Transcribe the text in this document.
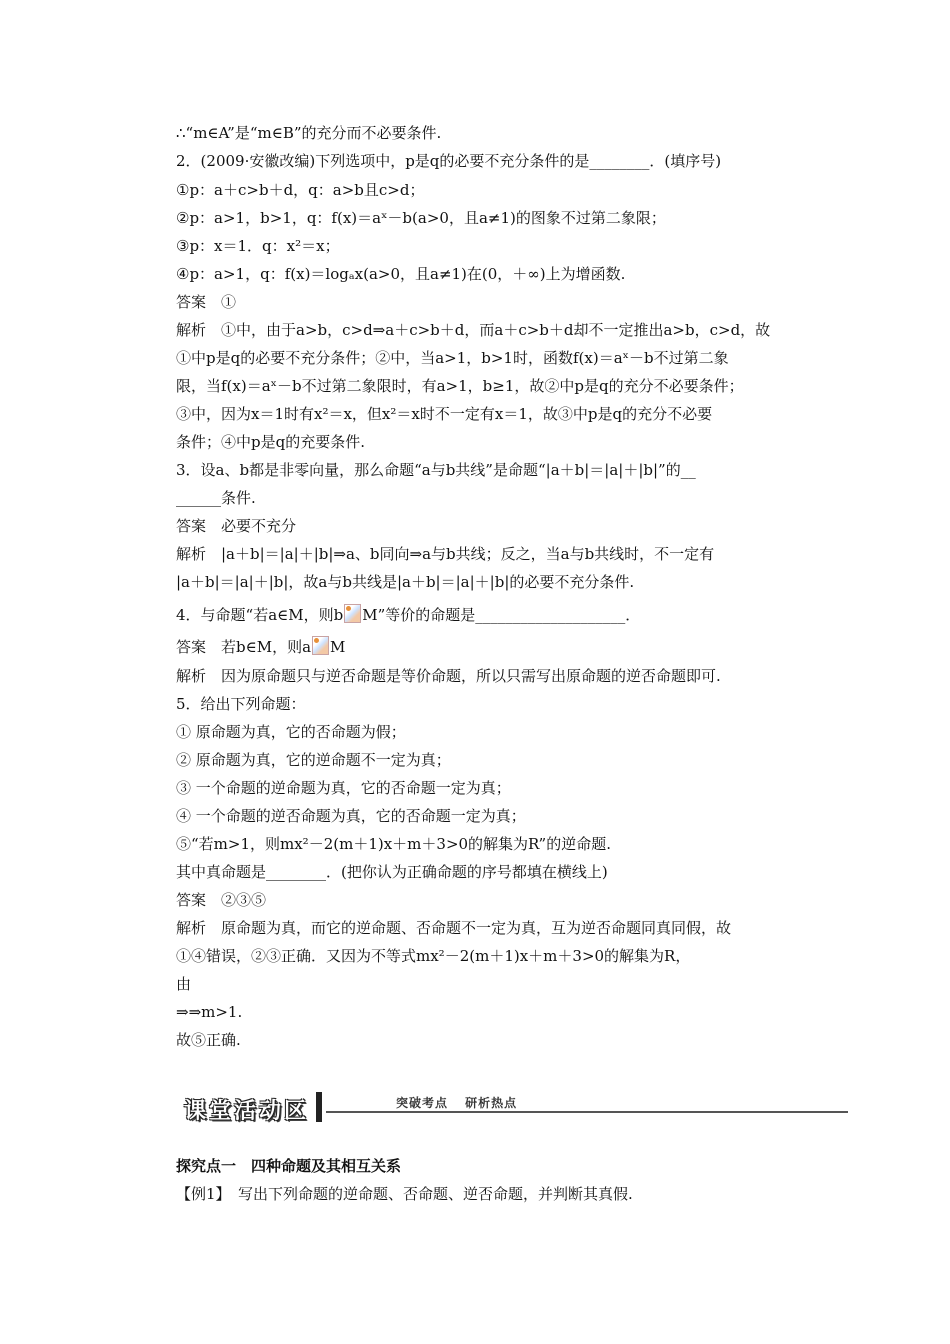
∴“m∈A”是“m∈B”的充分而不必要条件.
2．(2009·安徽改编)下列选项中，p是q的必要不充分条件的是________．(填序号)
①p：a＋c>b＋d，q：a>b且c>d；
②p：a>1，b>1，q：f(x)＝aˣ－b(a>0，且a≠1)的图象不过第二象限；
③p：x＝1．q：x²＝x；
④p：a>1，q：f(x)＝logₐx(a>0，且a≠1)在(0，＋∞)上为增函数.
答案　①
解析　①中，由于a>b，c>d⇒a＋c>b＋d，而a＋c>b＋d却不一定推出a>b，c>d，故
①中p是q的必要不充分条件；②中，当a>1，b>1时，函数f(x)＝aˣ－b不过第二象
限，当f(x)＝aˣ－b不过第二象限时，有a>1，b≥1，故②中p是q的充分不必要条件；
③中，因为x＝1时有x²＝x，但x²＝x时不一定有x＝1，故③中p是q的充分不必要
条件；④中p是q的充要条件.
3．设a、b都是非零向量，那么命题“a与b共线”是命题“|a＋b|＝|a|＋|b|”的__
______条件.
答案　必要不充分
解析　|a＋b|＝|a|＋|b|⇒a、b同向⇒a与b共线；反之，当a与b共线时，不一定有
|a＋b|＝|a|＋|b|，故a与b共线是|a＋b|＝|a|＋|b|的必要不充分条件.
解析　因为原命题只与逆否命题是等价命题，所以只需写出原命题的逆否命题即可.
5．给出下列命题：
① 原命题为真，它的否命题为假；
② 原命题为真，它的逆命题不一定为真；
③ 一个命题的逆命题为真，它的否命题一定为真；
④ 一个命题的逆否命题为真，它的否命题一定为真；
⑤“若m>1，则mx²－2(m＋1)x＋m＋3>0的解集为R”的逆命题.
其中真命题是________．(把你认为正确命题的序号都填在横线上)
答案　②③⑤
解析　原命题为真，而它的逆命题、否命题不一定为真，互为逆否命题同真同假，故
①④错误，②③正确．又因为不等式mx²－2(m＋1)x＋m＋3>0的解集为R，
由
⇒⇒m>1.
故⑤正确.
4．与命题“若a∈M，则b M”等价的命题是____________________．
答案　若b∈M，则a M
课堂活动区	突破考点 研析热点
探究点一　四种命题及其相互关系
【例1】　写出下列命题的逆命题、否命题、逆否命题，并判断其真假.
